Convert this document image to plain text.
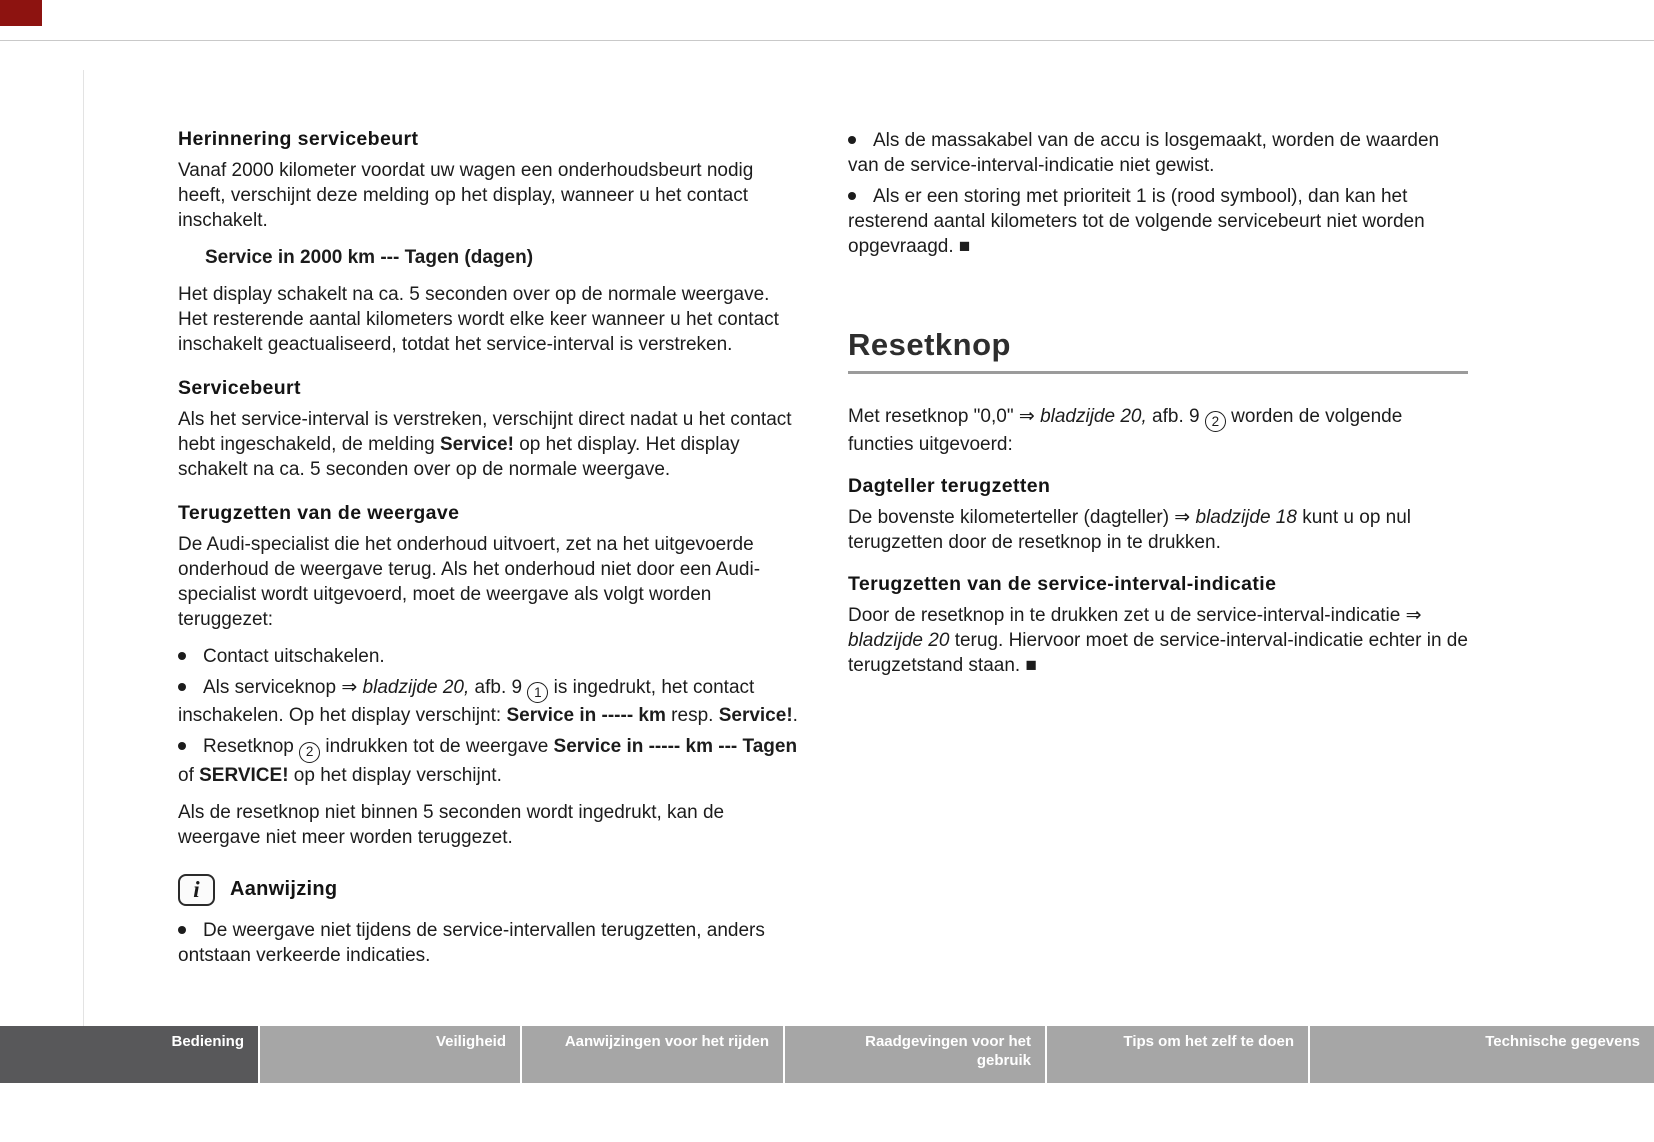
Herinnering servicebeurt

Vanaf 2000 kilometer voordat uw wagen een onderhoudsbeurt nodig heeft, verschijnt deze melding op het display, wanneer u het contact inschakelt.

Service in 2000 km --- Tagen (dagen)

Het display schakelt na ca. 5 seconden over op de normale weergave. Het resterende aantal kilometers wordt elke keer wanneer u het contact inschakelt geactualiseerd, totdat het service-interval is verstreken.

Servicebeurt

Als het service-interval is verstreken, verschijnt direct nadat u het contact hebt ingeschakeld, de melding Service! op het display. Het display schakelt na ca. 5 seconden over op de normale weergave.

Terugzetten van de weergave

De Audi-specialist die het onderhoud uitvoert, zet na het uitgevoerde onderhoud de weergave terug. Als het onderhoud niet door een Audi-specialist wordt uitgevoerd, moet de weergave als volgt worden teruggezet:

Contact uitschakelen.

Als serviceknop ⇒ bladzijde 20, afb. 9 1 is ingedrukt, het contact inschakelen. Op het display verschijnt: Service in ----- km resp. Service!.

Resetknop 2 indrukken tot de weergave Service in ----- km --- Tagen of SERVICE! op het display verschijnt.

Als de resetknop niet binnen 5 seconden wordt ingedrukt, kan de weergave niet meer worden teruggezet.

i Aanwijzing

De weergave niet tijdens de service-intervallen terugzetten, anders ontstaan verkeerde indicaties.

Als de massakabel van de accu is losgemaakt, worden de waarden van de service-interval-indicatie niet gewist.

Als er een storing met prioriteit 1 is (rood symbool), dan kan het resterend aantal kilometers tot de volgende servicebeurt niet worden opgevraagd. ■

Resetknop

Met resetknop "0,0" ⇒ bladzijde 20, afb. 9 2 worden de volgende functies uitgevoerd:

Dagteller terugzetten

De bovenste kilometerteller (dagteller) ⇒ bladzijde 18 kunt u op nul terugzetten door de resetknop in te drukken.

Terugzetten van de service-interval-indicatie

Door de resetknop in te drukken zet u de service-interval-indicatie ⇒ bladzijde 20 terug. Hiervoor moet de service-interval-indicatie echter in de terugzetstand staan. ■

Bediening	Veiligheid	Aanwijzingen voor het rijden	Raadgevingen voor het gebruik
Tips om het zelf te doen	Technische gegevens
